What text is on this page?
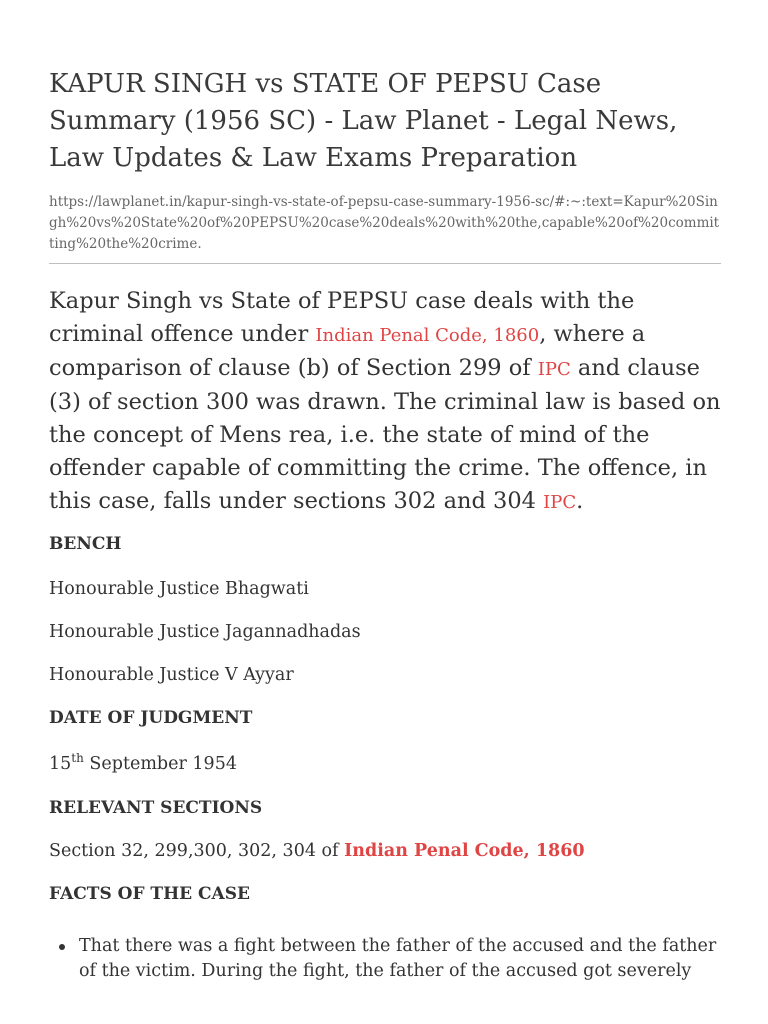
KAPUR SINGH vs STATE OF PEPSU Case Summary (1956 SC) - Law Planet - Legal News, Law Updates & Law Exams Preparation

https://lawplanet.in/kapur-singh-vs-state-of-pepsu-case-summary-1956-sc/#:~:text=Kapur%20Singh%20vs%20State%20of%20PEPSU%20case%20deals%20with%20the,capable%20of%20committing%20the%20crime.

Kapur Singh vs State of PEPSU case deals with the criminal offence under Indian Penal Code, 1860, where a comparison of clause (b) of Section 299 of IPC and clause (3) of section 300 was drawn. The criminal law is based on the concept of Mens rea, i.e. the state of mind of the offender capable of committing the crime. The offence, in this case, falls under sections 302 and 304 IPC.

BENCH

Honourable Justice Bhagwati

Honourable Justice Jagannadhadas

Honourable Justice V Ayyar

DATE OF JUDGMENT

15th September 1954

RELEVANT SECTIONS

Section 32, 299,300, 302, 304 of Indian Penal Code, 1860

FACTS OF THE CASE
That there was a fight between the father of the accused and the father of the victim. During the fight, the father of the accused got severely
